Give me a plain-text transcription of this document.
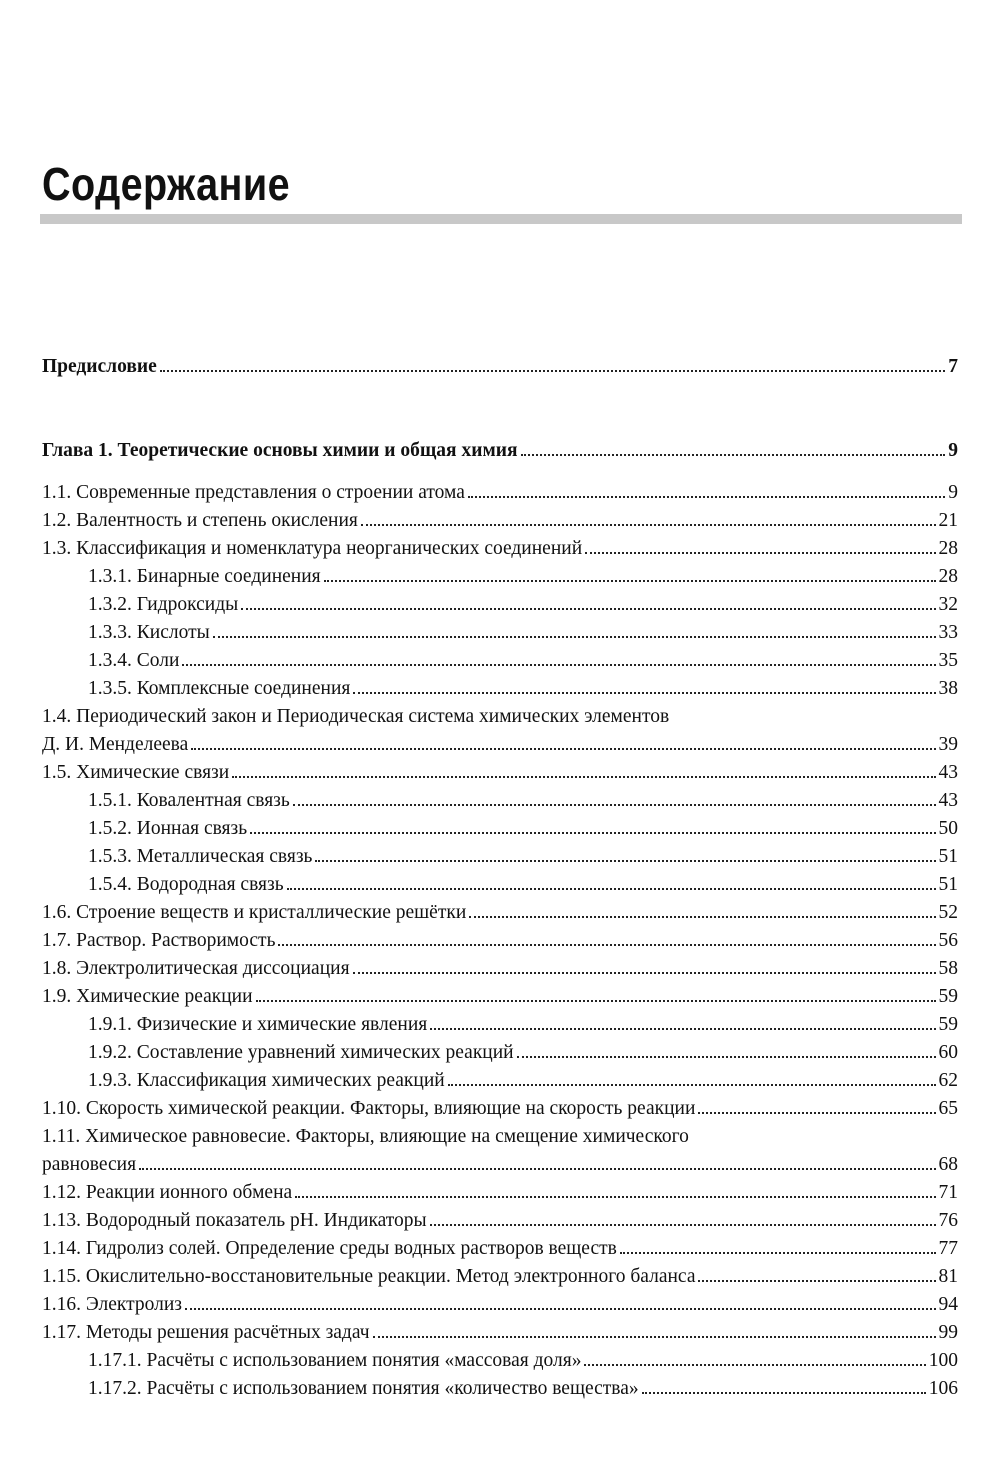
Содержание
Предисловие	7
Глава 1. Теоретические основы химии и общая химия	9
1.1. Современные представления о строении атома	9
1.2. Валентность и степень окисления	21
1.3. Классификация и номенклатура неорганических соединений	28
1.3.1. Бинарные соединения	28
1.3.2. Гидроксиды	32
1.3.3. Кислоты	33
1.3.4. Соли	35
1.3.5. Комплексные соединения	38
1.4. Периодический закон и Периодическая система химических элементов
Д. И. Менделеева	39
1.5. Химические связи	43
1.5.1. Ковалентная связь	43
1.5.2. Ионная связь	50
1.5.3. Металлическая связь	51
1.5.4. Водородная связь	51
1.6. Строение веществ и кристаллические решётки	52
1.7. Раствор. Растворимость	56
1.8. Электролитическая диссоциация	58
1.9. Химические реакции	59
1.9.1. Физические и химические явления	59
1.9.2. Составление уравнений химических реакций	60
1.9.3. Классификация химических реакций	62
1.10. Скорость химической реакции. Факторы, влияющие на скорость реакции	65
1.11. Химическое равновесие. Факторы, влияющие на смещение химического
равновесия	68
1.12. Реакции ионного обмена	71
1.13. Водородный показатель pH. Индикаторы	76
1.14. Гидролиз солей. Определение среды водных растворов веществ	77
1.15. Окислительно-восстановительные реакции. Метод электронного баланса	81
1.16. Электролиз	94
1.17. Методы решения расчётных задач	99
1.17.1. Расчёты с использованием понятия «массовая доля»	100
1.17.2. Расчёты с использованием понятия «количество вещества»	106
